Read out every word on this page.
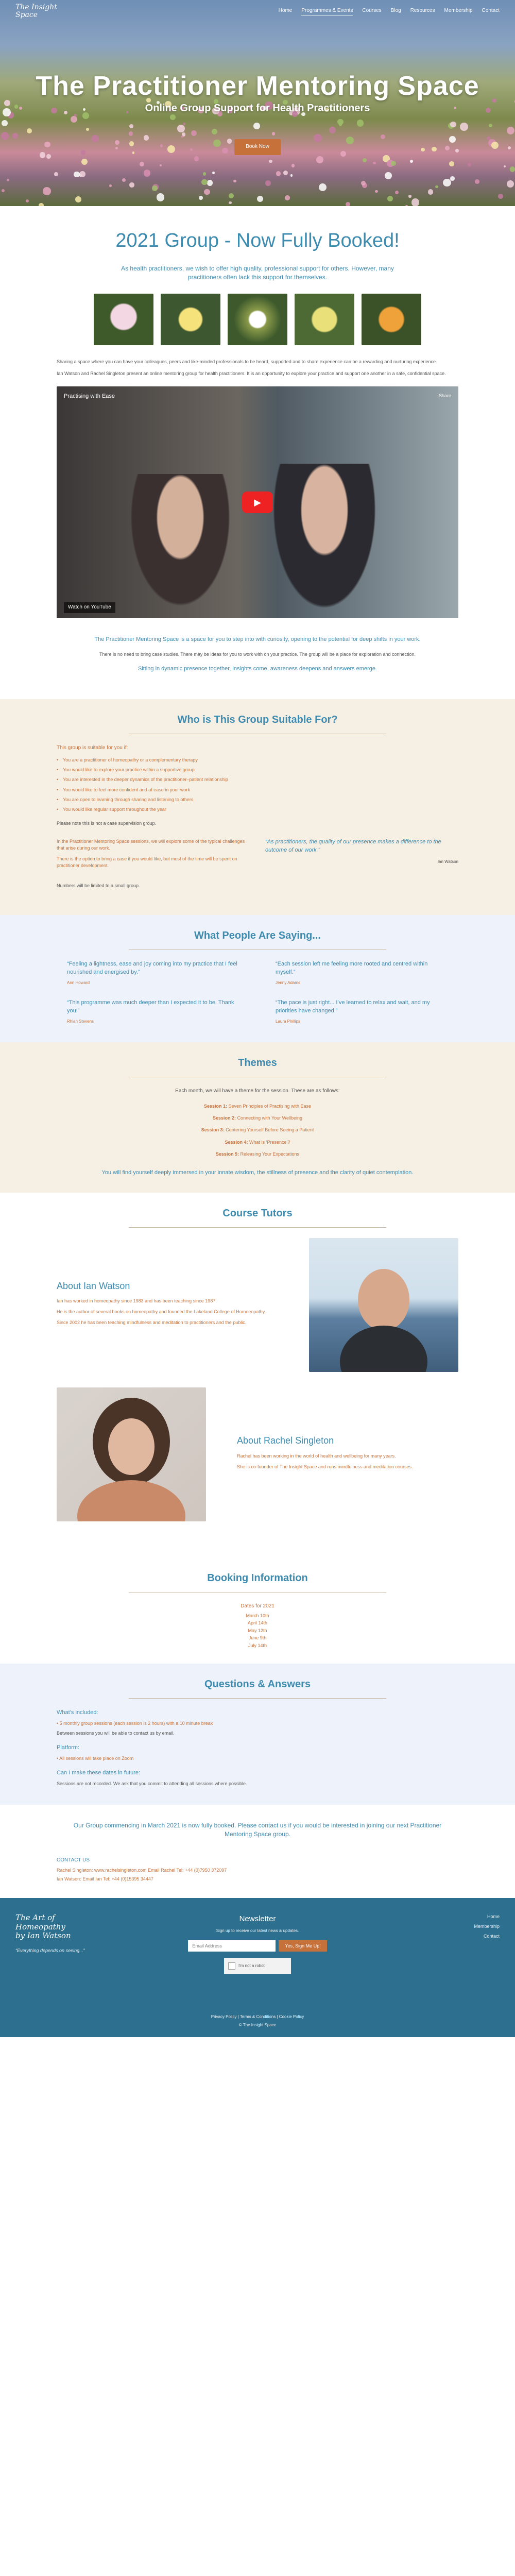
The Insight
Space
Home Programmes & Events Courses Blog Resources Membership Contact
The Practitioner Mentoring Space
Online Group Support for Health Practitioners
Book Now
2021 Group - Now Fully Booked!

As health practitioners, we wish to offer high quality, professional support for others. However, many practitioners often lack this support for themselves.

Sharing a space where you can have your colleagues, peers and like-minded professionals to be heard, supported and to share experience can be a rewarding and nurturing experience.

Ian Watson and Rachel Singleton present an online mentoring group for health practitioners. It is an opportunity to explore your practice and support one another in a safe, confidential space.

Practising with Ease	Share
▶
Watch on YouTube

The Practitioner Mentoring Space is a space for you to step into with curiosity, opening to the potential for deep shifts in your work.

There is no need to bring case studies. There may be ideas for you to work with on your practice. The group will be a place for exploration and connection.

Sitting in dynamic presence together, insights come, awareness deepens and answers emerge.

Who is This Group Suitable For?

This group is suitable for you if:

• You are a practitioner of homeopathy or a complementary therapy
• You would like to explore your practice within a supportive group
• You are interested in the deeper dynamics of the practitioner–patient relationship
• You would like to feel more confident and at ease in your work
• You are open to learning through sharing and listening to others
• You would like regular support throughout the year

Please note this is not a case supervision group.

In the Practitioner Mentoring Space sessions, we will explore some of the typical challenges that arise during our work.

There is the option to bring a case if you would like, but most of the time will be spent on practitioner development.

“As practitioners, the quality of our presence makes a difference to the outcome of our work.”
Ian Watson

Numbers will be limited to a small group.

What People Are Saying...
“Feeling a lightness, ease and joy coming into my practice that I feel nourished and energised by.”
Ann Howard
“Each session left me feeling more rooted and centred within myself.”
Jenny Adams
“This programme was much deeper than I expected it to be. Thank you!”
Rhian Stevens
“The pace is just right... I’ve learned to relax and wait, and my priorities have changed.”
Laura Phillips
Themes

Each month, we will have a theme for the session. These are as follows:

Session 1: Seven Principles of Practising with Ease

Session 2: Connecting with Your Wellbeing

Session 3: Centering Yourself Before Seeing a Patient

Session 4: What is ‘Presence’?

Session 5: Releasing Your Expectations

You will find yourself deeply immersed in your innate wisdom, the stillness of presence and the clarity of quiet contemplation.

Course Tutors
About Ian Watson

Ian has worked in homeopathy since 1983 and has been teaching since 1987.

He is the author of several books on homeopathy and founded the Lakeland College of Homoeopathy.

Since 2002 he has been teaching mindfulness and meditation to practitioners and the public.

About Rachel Singleton

Rachel has been working in the world of health and wellbeing for many years.

She is co-founder of The Insight Space and runs mindfulness and meditation courses.

Booking Information

Dates for 2021

March 10th

April 14th

May 12th

June 9th

July 14th

Questions & Answers
What’s included:

• 5 monthly group sessions (each session is 2 hours) with a 10 minute break

Between sessions you will be able to contact us by email.

Platform:

• All sessions will take place on Zoom

Can I make these dates in future:

Sessions are not recorded. We ask that you commit to attending all sessions where possible.

Our Group commencing in March 2021 is now fully booked. Please contact us if you would be interested in joining our next Practitioner Mentoring Space group.

CONTACT US
Rachel Singleton: www.rachelsingleton.com Email Rachel Tel: +44 (0)7950 372097
Ian Watson: Email Ian Tel: +44 (0)15395 34447
The Art of Homeopathy
by Ian Watson
“Everything depends on seeing...”
Newsletter
Sign up to receive our latest news & updates.
Email Address
Yes, Sign Me Up!
I'm not a robot
Home
Membership
Contact
Privacy Policy | Terms & Conditions | Cookie Policy
© The Insight Space
